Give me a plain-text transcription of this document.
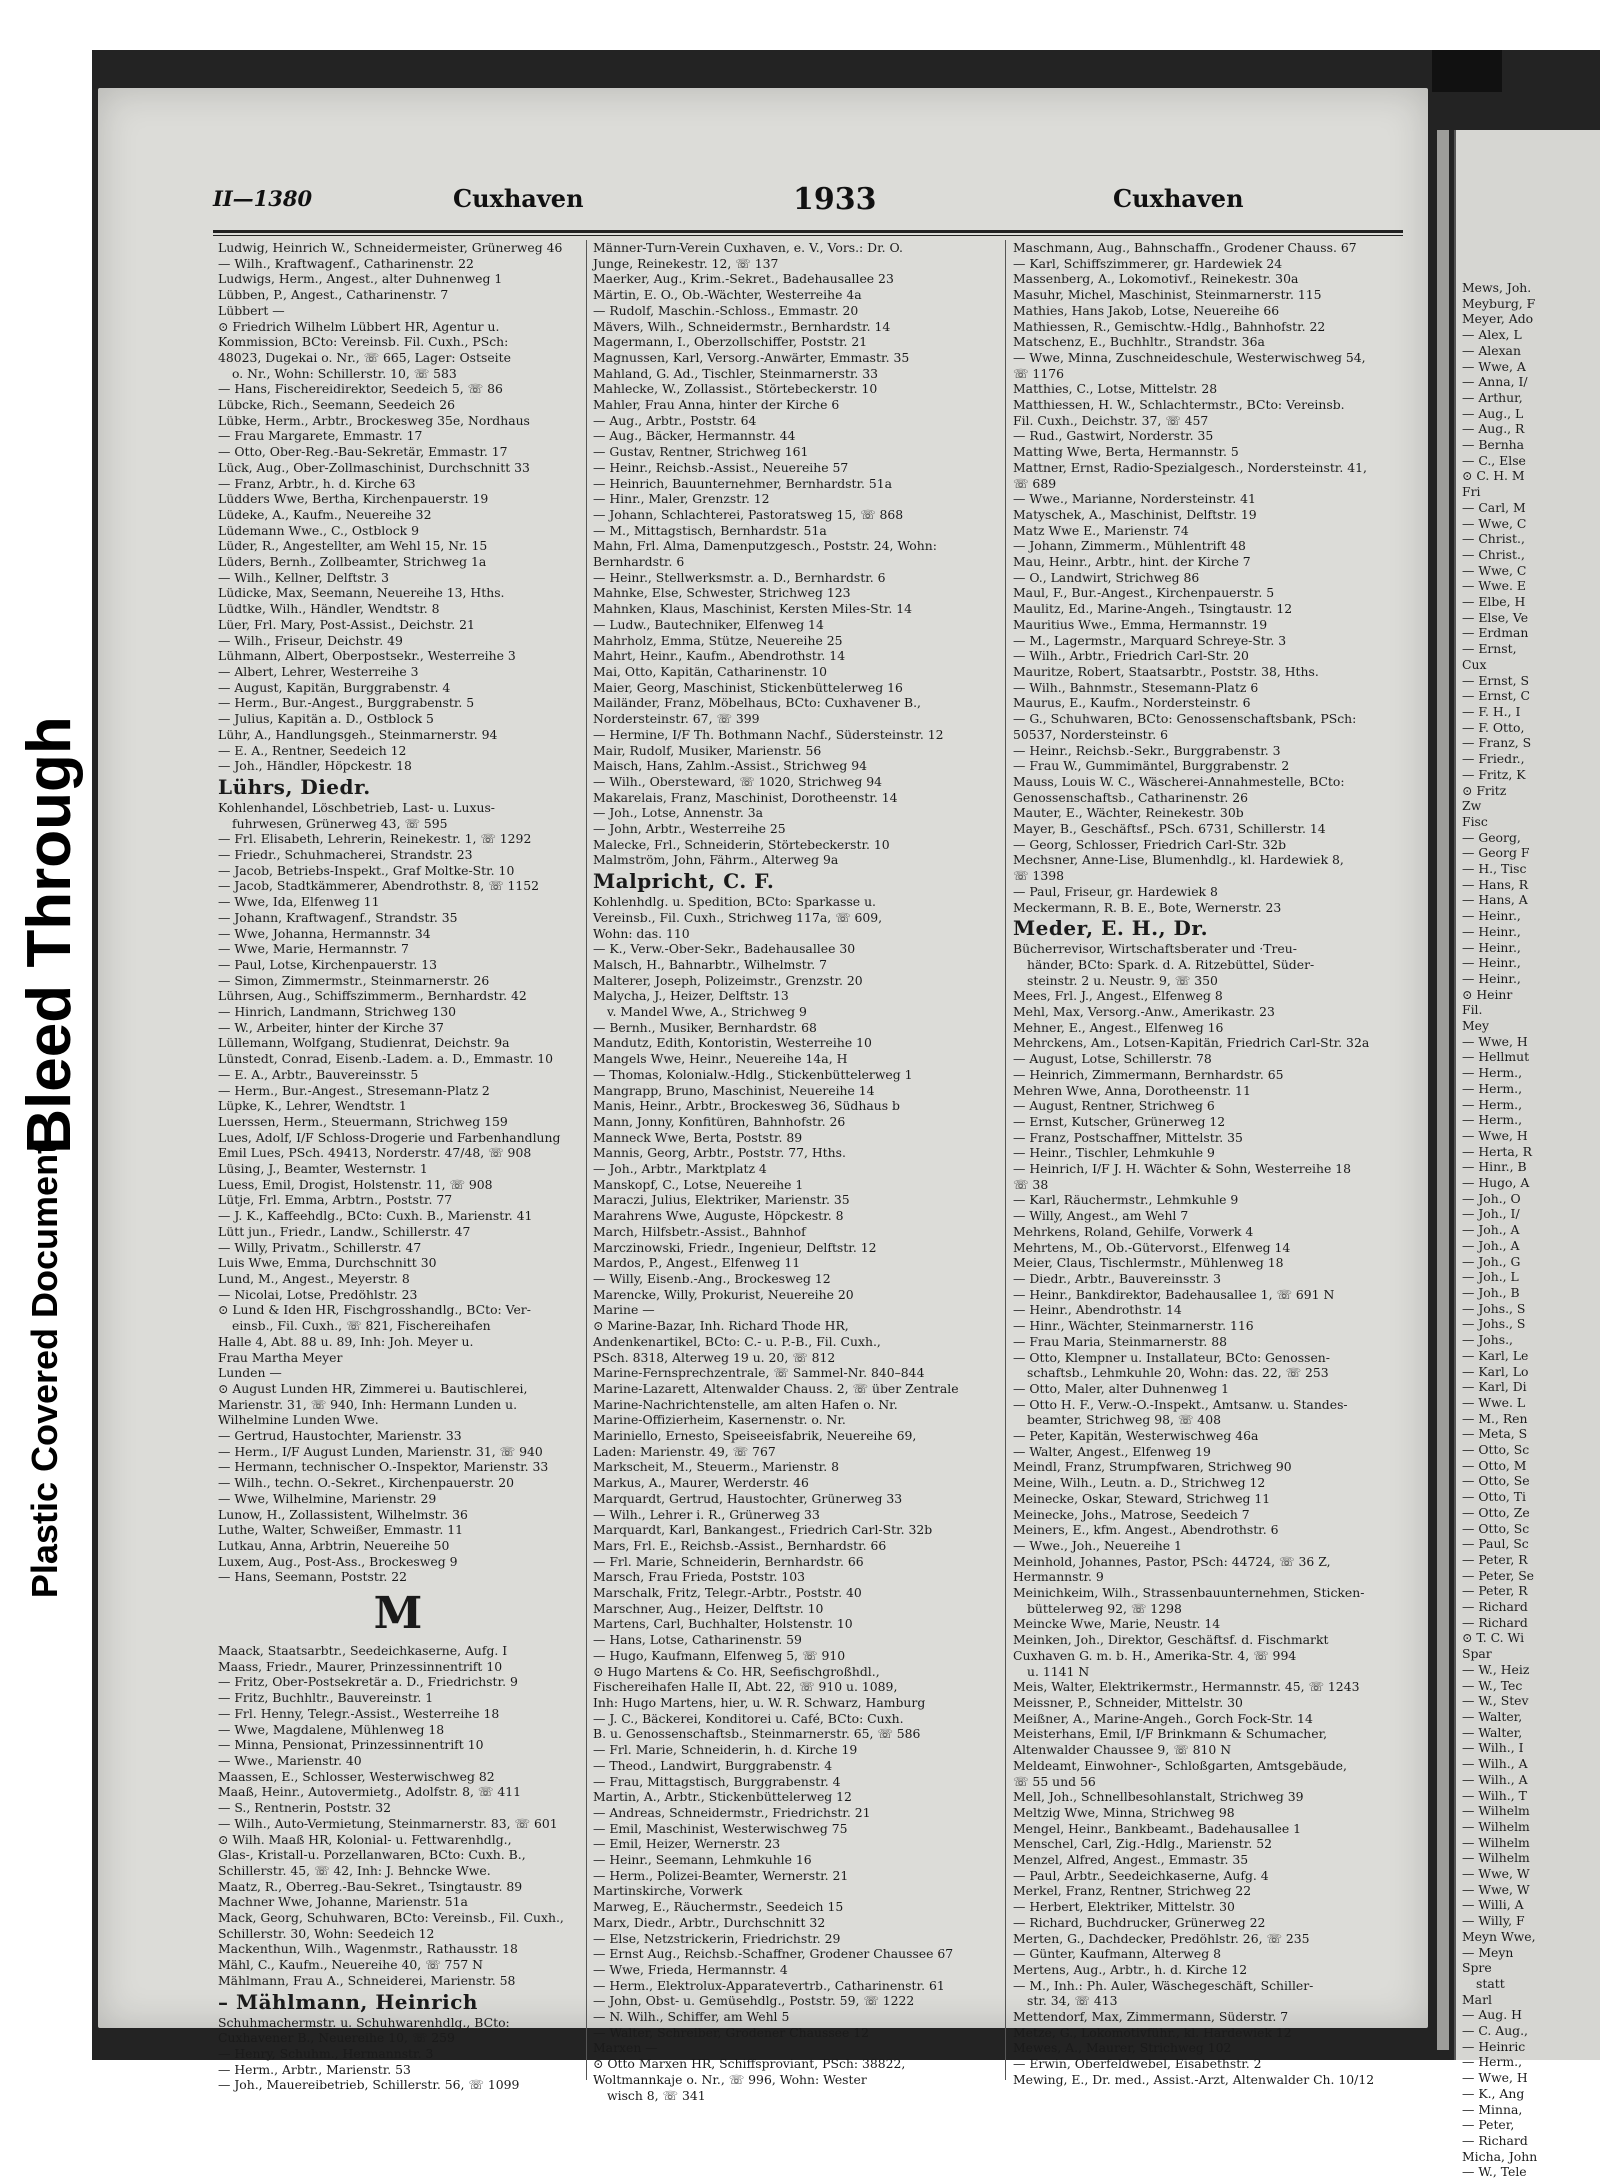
Bleed Through
Plastic Covered Document
II—1380	Cuxhaven	1933	Cuxhaven
Ludwig, Heinrich W., Schneidermeister, Grünerweg 46
— Wilh., Kraftwagenf., Catharinenstr. 22
Ludwigs, Herm., Angest., alter Duhnenweg 1
Lübben, P., Angest., Catharinenstr. 7
Lübbert —
⊙ Friedrich Wilhelm Lübbert HR, Agentur u.
Kommission, BCto: Vereinsb. Fil. Cuxh., PSch:
48023, Dugekai o. Nr., ☏ 665, Lager: Ostseite
o. Nr., Wohn: Schillerstr. 10, ☏ 583
— Hans, Fischereidirektor, Seedeich 5, ☏ 86
Lübcke, Rich., Seemann, Seedeich 26
Lübke, Herm., Arbtr., Brockesweg 35e, Nordhaus
— Frau Margarete, Emmastr. 17
— Otto, Ober-Reg.-Bau-Sekretär, Emmastr. 17
Lück, Aug., Ober-Zollmaschinist, Durchschnitt 33
— Franz, Arbtr., h. d. Kirche 63
Lüdders Wwe, Bertha, Kirchenpauerstr. 19
Lüdeke, A., Kaufm., Neuereihe 32
Lüdemann Wwe., C., Ostblock 9
Lüder, R., Angestellter, am Wehl 15, Nr. 15
Lüders, Bernh., Zollbeamter, Strichweg 1a
— Wilh., Kellner, Delftstr. 3
Lüdicke, Max, Seemann, Neuereihe 13, Hths.
Lüdtke, Wilh., Händler, Wendtstr. 8
Lüer, Frl. Mary, Post-Assist., Deichstr. 21
— Wilh., Friseur, Deichstr. 49
Lühmann, Albert, Oberpostsekr., Westerreihe 3
— Albert, Lehrer, Westerreihe 3
— August, Kapitän, Burggrabenstr. 4
— Herm., Bur.-Angest., Burggrabenstr. 5
— Julius, Kapitän a. D., Ostblock 5
Lühr, A., Handlungsgeh., Steinmarnerstr. 94
— E. A., Rentner, Seedeich 12
— Joh., Händler, Höpckestr. 18
Lührs, Diedr.
Kohlenhandel, Löschbetrieb, Last- u. Luxus-
fuhrwesen, Grünerweg 43, ☏ 595
— Frl. Elisabeth, Lehrerin, Reinekestr. 1, ☏ 1292
— Friedr., Schuhmacherei, Strandstr. 23
— Jacob, Betriebs-Inspekt., Graf Moltke-Str. 10
— Jacob, Stadtkämmerer, Abendrothstr. 8, ☏ 1152
— Wwe, Ida, Elfenweg 11
— Johann, Kraftwagenf., Strandstr. 35
— Wwe, Johanna, Hermannstr. 34
— Wwe, Marie, Hermannstr. 7
— Paul, Lotse, Kirchenpauerstr. 13
— Simon, Zimmermstr., Steinmarnerstr. 26
Lührsen, Aug., Schiffszimmerm., Bernhardstr. 42
— Hinrich, Landmann, Strichweg 130
— W., Arbeiter, hinter der Kirche 37
Lüllemann, Wolfgang, Studienrat, Deichstr. 9a
Lünstedt, Conrad, Eisenb.-Ladem. a. D., Emmastr. 10
— E. A., Arbtr., Bauvereinsstr. 5
— Herm., Bur.-Angest., Stresemann-Platz 2
Lüpke, K., Lehrer, Wendtstr. 1
Luerssen, Herm., Steuermann, Strichweg 159
Lues, Adolf, I/F Schloss-Drogerie und Farbenhandlung
Emil Lues, PSch. 49413, Norderstr. 47/48, ☏ 908
Lüsing, J., Beamter, Westernstr. 1
Luess, Emil, Drogist, Holstenstr. 11, ☏ 908
Lütje, Frl. Emma, Arbtrn., Poststr. 77
— J. K., Kaffeehdlg., BCto: Cuxh. B., Marienstr. 41
Lütt jun., Friedr., Landw., Schillerstr. 47
— Willy, Privatm., Schillerstr. 47
Luis Wwe, Emma, Durchschnitt 30
Lund, M., Angest., Meyerstr. 8
— Nicolai, Lotse, Predöhlstr. 23
⊙ Lund & Iden HR, Fischgrosshandlg., BCto: Ver-
einsb., Fil. Cuxh., ☏ 821, Fischereihafen
Halle 4, Abt. 88 u. 89, Inh: Joh. Meyer u.
Frau Martha Meyer
Lunden —
⊙ August Lunden HR, Zimmerei u. Bautischlerei,
Marienstr. 31, ☏ 940, Inh: Hermann Lunden u.
Wilhelmine Lunden Wwe.
— Gertrud, Haustochter, Marienstr. 33
— Herm., I/F August Lunden, Marienstr. 31, ☏ 940
— Hermann, technischer O.-Inspektor, Marienstr. 33
— Wilh., techn. O.-Sekret., Kirchenpauerstr. 20
— Wwe, Wilhelmine, Marienstr. 29
Lunow, H., Zollassistent, Wilhelmstr. 36
Luthe, Walter, Schweißer, Emmastr. 11
Lutkau, Anna, Arbtrin, Neuereihe 50
Luxem, Aug., Post-Ass., Brockesweg 9
— Hans, Seemann, Poststr. 22
M
Maack, Staatsarbtr., Seedeichkaserne, Aufg. I
Maass, Friedr., Maurer, Prinzessinnentrift 10
— Fritz, Ober-Postsekretär a. D., Friedrichstr. 9
— Fritz, Buchhltr., Bauvereinstr. 1
— Frl. Henny, Telegr.-Assist., Westerreihe 18
— Wwe, Magdalene, Mühlenweg 18
— Minna, Pensionat, Prinzessinnentrift 10
— Wwe., Marienstr. 40
Maassen, E., Schlosser, Westerwischweg 82
Maaß, Heinr., Autovermietg., Adolfstr. 8, ☏ 411
— S., Rentnerin, Poststr. 32
— Wilh., Auto-Vermietung, Steinmarnerstr. 83, ☏ 601
⊙ Wilh. Maaß HR, Kolonial- u. Fettwarenhdlg.,
Glas-, Kristall-u. Porzellanwaren, BCto: Cuxh. B.,
Schillerstr. 45, ☏ 42, Inh: J. Behncke Wwe.
Maatz, R., Oberreg.-Bau-Sekret., Tsingtaustr. 89
Machner Wwe, Johanne, Marienstr. 51a
Mack, Georg, Schuhwaren, BCto: Vereinsb., Fil. Cuxh.,
Schillerstr. 30, Wohn: Seedeich 12
Mackenthun, Wilh., Wagenmstr., Rathausstr. 18
Mähl, C., Kaufm., Neuereihe 40, ☏ 757 N
Mählmann, Frau A., Schneiderei, Marienstr. 58
– Mählmann, Heinrich
Schuhmachermstr. u. Schuhwarenhdlg., BCto:
Cuxhavener B., Neuereihe 10, ☏ 259
— Henry, Schuhm., Hermannstr. 3
— Herm., Arbtr., Marienstr. 53
— Joh., Mauereibetrieb, Schillerstr. 56, ☏ 1099
Männer-Turn-Verein Cuxhaven, e. V., Vors.: Dr. O.
Junge, Reinekestr. 12, ☏ 137
Maerker, Aug., Krim.-Sekret., Badehausallee 23
Märtin, E. O., Ob.-Wächter, Westerreihe 4a
— Rudolf, Maschin.-Schloss., Emmastr. 20
Mävers, Wilh., Schneidermstr., Bernhardstr. 14
Magermann, I., Oberzollschiffer, Poststr. 21
Magnussen, Karl, Versorg.-Anwärter, Emmastr. 35
Mahland, G. Ad., Tischler, Steinmarnerstr. 33
Mahlecke, W., Zollassist., Störtebeckerstr. 10
Mahler, Frau Anna, hinter der Kirche 6
— Aug., Arbtr., Poststr. 64
— Aug., Bäcker, Hermannstr. 44
— Gustav, Rentner, Strichweg 161
— Heinr., Reichsb.-Assist., Neuereihe 57
— Heinrich, Bauunternehmer, Bernhardstr. 51a
— Hinr., Maler, Grenzstr. 12
— Johann, Schlachterei, Pastoratsweg 15, ☏ 868
— M., Mittagstisch, Bernhardstr. 51a
Mahn, Frl. Alma, Damenputzgesch., Poststr. 24, Wohn:
Bernhardstr. 6
— Heinr., Stellwerksmstr. a. D., Bernhardstr. 6
Mahnke, Else, Schwester, Strichweg 123
Mahnken, Klaus, Maschinist, Kersten Miles-Str. 14
— Ludw., Bautechniker, Elfenweg 14
Mahrholz, Emma, Stütze, Neuereihe 25
Mahrt, Heinr., Kaufm., Abendrothstr. 14
Mai, Otto, Kapitän, Catharinenstr. 10
Maier, Georg, Maschinist, Stickenbüttelerweg 16
Mailänder, Franz, Möbelhaus, BCto: Cuxhavener B.,
Nordersteinstr. 67, ☏ 399
— Hermine, I/F Th. Bothmann Nachf., Südersteinstr. 12
Mair, Rudolf, Musiker, Marienstr. 56
Maisch, Hans, Zahlm.-Assist., Strichweg 94
— Wilh., Obersteward, ☏ 1020, Strichweg 94
Makarelais, Franz, Maschinist, Dorotheenstr. 14
— Joh., Lotse, Annenstr. 3a
— John, Arbtr., Westerreihe 25
Malecke, Frl., Schneiderin, Störtebeckerstr. 10
Malmström, John, Fährm., Alterweg 9a
Malpricht, C. F.
Kohlenhdlg. u. Spedition, BCto: Sparkasse u.
Vereinsb., Fil. Cuxh., Strichweg 117a, ☏ 609,
Wohn: das. 110
— K., Verw.-Ober-Sekr., Badehausallee 30
Malsch, H., Bahnarbtr., Wilhelmstr. 7
Malterer, Joseph, Polizeimstr., Grenzstr. 20
Malycha, J., Heizer, Delftstr. 13
v. Mandel Wwe, A., Strichweg 9
— Bernh., Musiker, Bernhardstr. 68
Mandutz, Edith, Kontoristin, Westerreihe 10
Mangels Wwe, Heinr., Neuereihe 14a, H
— Thomas, Kolonialw.-Hdlg., Stickenbüttelerweg 1
Mangrapp, Bruno, Maschinist, Neuereihe 14
Manis, Heinr., Arbtr., Brockesweg 36, Südhaus b
Mann, Jonny, Konfitüren, Bahnhofstr. 26
Manneck Wwe, Berta, Poststr. 89
Mannis, Georg, Arbtr., Poststr. 77, Hths.
— Joh., Arbtr., Marktplatz 4
Manskopf, C., Lotse, Neuereihe 1
Maraczi, Julius, Elektriker, Marienstr. 35
Marahrens Wwe, Auguste, Höpckestr. 8
March, Hilfsbetr.-Assist., Bahnhof
Marczinowski, Friedr., Ingenieur, Delftstr. 12
Mardos, P., Angest., Elfenweg 11
— Willy, Eisenb.-Ang., Brockesweg 12
Marencke, Willy, Prokurist, Neuereihe 20
Marine —
⊙ Marine-Bazar, Inh. Richard Thode HR,
Andenkenartikel, BCto: C.- u. P.-B., Fil. Cuxh.,
PSch. 8318, Alterweg 19 u. 20, ☏ 812
Marine-Fernsprechzentrale, ☏ Sammel-Nr. 840–844
Marine-Lazarett, Altenwalder Chauss. 2, ☏ über Zentrale
Marine-Nachrichtenstelle, am alten Hafen o. Nr.
Marine-Offizierheim, Kasernenstr. o. Nr.
Mariniello, Ernesto, Speiseeisfabrik, Neuereihe 69,
Laden: Marienstr. 49, ☏ 767
Markscheit, M., Steuerm., Marienstr. 8
Markus, A., Maurer, Werderstr. 46
Marquardt, Gertrud, Haustochter, Grünerweg 33
— Wilh., Lehrer i. R., Grünerweg 33
Marquardt, Karl, Bankangest., Friedrich Carl-Str. 32b
Mars, Frl. E., Reichsb.-Assist., Bernhardstr. 66
— Frl. Marie, Schneiderin, Bernhardstr. 66
Marsch, Frau Frieda, Poststr. 103
Marschalk, Fritz, Telegr.-Arbtr., Poststr. 40
Marschner, Aug., Heizer, Delftstr. 10
Martens, Carl, Buchhalter, Holstenstr. 10
— Hans, Lotse, Catharinenstr. 59
— Hugo, Kaufmann, Elfenweg 5, ☏ 910
⊙ Hugo Martens & Co. HR, Seefischgroßhdl.,
Fischereihafen Halle II, Abt. 22, ☏ 910 u. 1089,
Inh: Hugo Martens, hier, u. W. R. Schwarz, Hamburg
— J. C., Bäckerei, Konditorei u. Café, BCto: Cuxh.
B. u. Genossenschaftsb., Steinmarnerstr. 65, ☏ 586
— Frl. Marie, Schneiderin, h. d. Kirche 19
— Theod., Landwirt, Burggrabenstr. 4
— Frau, Mittagstisch, Burggrabenstr. 4
Martin, A., Arbtr., Stickenbüttelerweg 12
— Andreas, Schneidermstr., Friedrichstr. 21
— Emil, Maschinist, Westerwischweg 75
— Emil, Heizer, Wernerstr. 23
— Heinr., Seemann, Lehmkuhle 16
— Herm., Polizei-Beamter, Wernerstr. 21
Martinskirche, Vorwerk
Marweg, E., Räuchermstr., Seedeich 15
Marx, Diedr., Arbtr., Durchschnitt 32
— Else, Netzstrickerin, Friedrichstr. 29
— Ernst Aug., Reichsb.-Schaffner, Grodener Chaussee 67
— Wwe, Frieda, Hermannstr. 4
— Herm., Elektrolux-Apparatevertrb., Catharinenstr. 61
— John, Obst- u. Gemüsehdlg., Poststr. 59, ☏ 1222
— N. Wilh., Schiffer, am Wehl 5
— Walter, Schreiber, Grodener Chaussee 12
Marxen —
⊙ Otto Marxen HR, Schiffsproviant, PSch: 38822,
Woltmannkaje o. Nr., ☏ 996, Wohn: Wester
wisch 8, ☏ 341
Maschmann, Aug., Bahnschaffn., Grodener Chauss. 67
— Karl, Schiffszimmerer, gr. Hardewiek 24
Massenberg, A., Lokomotivf., Reinekestr. 30a
Masuhr, Michel, Maschinist, Steinmarnerstr. 115
Mathies, Hans Jakob, Lotse, Neuereihe 66
Mathiessen, R., Gemischtw.-Hdlg., Bahnhofstr. 22
Matschenz, E., Buchhltr., Strandstr. 36a
— Wwe, Minna, Zuschneideschule, Westerwischweg 54,
☏ 1176
Matthies, C., Lotse, Mittelstr. 28
Matthiessen, H. W., Schlachtermstr., BCto: Vereinsb.
Fil. Cuxh., Deichstr. 37, ☏ 457
— Rud., Gastwirt, Norderstr. 35
Matting Wwe, Berta, Hermannstr. 5
Mattner, Ernst, Radio-Spezialgesch., Nordersteinstr. 41,
☏ 689
— Wwe., Marianne, Nordersteinstr. 41
Matyschek, A., Maschinist, Delftstr. 19
Matz Wwe E., Marienstr. 74
— Johann, Zimmerm., Mühlentrift 48
Mau, Heinr., Arbtr., hint. der Kirche 7
— O., Landwirt, Strichweg 86
Maul, F., Bur.-Angest., Kirchenpauerstr. 5
Maulitz, Ed., Marine-Angeh., Tsingtaustr. 12
Mauritius Wwe., Emma, Hermannstr. 19
— M., Lagermstr., Marquard Schreye-Str. 3
— Wilh., Arbtr., Friedrich Carl-Str. 20
Mauritze, Robert, Staatsarbtr., Poststr. 38, Hths.
— Wilh., Bahnmstr., Stesemann-Platz 6
Maurus, E., Kaufm., Nordersteinstr. 6
— G., Schuhwaren, BCto: Genossenschaftsbank, PSch:
50537, Nordersteinstr. 6
— Heinr., Reichsb.-Sekr., Burggrabenstr. 3
— Frau W., Gummimäntel, Burggrabenstr. 2
Mauss, Louis W. C., Wäscherei-Annahmestelle, BCto:
Genossenschaftsb., Catharinenstr. 26
Mauter, E., Wächter, Reinekestr. 30b
Mayer, B., Geschäftsf., PSch. 6731, Schillerstr. 14
— Georg, Schlosser, Friedrich Carl-Str. 32b
Mechsner, Anne-Lise, Blumenhdlg., kl. Hardewiek 8,
☏ 1398
— Paul, Friseur, gr. Hardewiek 8
Meckermann, R. B. E., Bote, Wernerstr. 23
Meder, E. H., Dr.
Bücherrevisor, Wirtschaftsberater und ·Treu-
händer, BCto: Spark. d. A. Ritzebüttel, Süder-
steinstr. 2 u. Neustr. 9, ☏ 350
Mees, Frl. J., Angest., Elfenweg 8
Mehl, Max, Versorg.-Anw., Amerikastr. 23
Mehner, E., Angest., Elfenweg 16
Mehrckens, Am., Lotsen-Kapitän, Friedrich Carl-Str. 32a
— August, Lotse, Schillerstr. 78
— Heinrich, Zimmermann, Bernhardstr. 65
Mehren Wwe, Anna, Dorotheenstr. 11
— August, Rentner, Strichweg 6
— Ernst, Kutscher, Grünerweg 12
— Franz, Postschaffner, Mittelstr. 35
— Heinr., Tischler, Lehmkuhle 9
— Heinrich, I/F J. H. Wächter & Sohn, Westerreihe 18
☏ 38
— Karl, Räuchermstr., Lehmkuhle 9
— Willy, Angest., am Wehl 7
Mehrkens, Roland, Gehilfe, Vorwerk 4
Mehrtens, M., Ob.-Gütervorst., Elfenweg 14
Meier, Claus, Tischlermstr., Mühlenweg 18
— Diedr., Arbtr., Bauvereinsstr. 3
— Heinr., Bankdirektor, Badehausallee 1, ☏ 691 N
— Heinr., Abendrothstr. 14
— Hinr., Wächter, Steinmarnerstr. 116
— Frau Maria, Steinmarnerstr. 88
— Otto, Klempner u. Installateur, BCto: Genossen-
schaftsb., Lehmkuhle 20, Wohn: das. 22, ☏ 253
— Otto, Maler, alter Duhnenweg 1
— Otto H. F., Verw.-O.-Inspekt., Amtsanw. u. Standes-
beamter, Strichweg 98, ☏ 408
— Peter, Kapitän, Westerwischweg 46a
— Walter, Angest., Elfenweg 19
Meindl, Franz, Strumpfwaren, Strichweg 90
Meine, Wilh., Leutn. a. D., Strichweg 12
Meinecke, Oskar, Steward, Strichweg 11
Meinecke, Johs., Matrose, Seedeich 7
Meiners, E., kfm. Angest., Abendrothstr. 6
— Wwe., Joh., Neuereihe 1
Meinhold, Johannes, Pastor, PSch: 44724, ☏ 36 Z,
Hermannstr. 9
Meinichkeim, Wilh., Strassenbauunternehmen, Sticken-
büttelerweg 92, ☏ 1298
Meincke Wwe, Marie, Neustr. 14
Meinken, Joh., Direktor, Geschäftsf. d. Fischmarkt
Cuxhaven G. m. b. H., Amerika-Str. 4, ☏ 994
u. 1141 N
Meis, Walter, Elektrikermstr., Hermannstr. 45, ☏ 1243
Meissner, P., Schneider, Mittelstr. 30
Meißner, A., Marine-Angeh., Gorch Fock-Str. 14
Meisterhans, Emil, I/F Brinkmann & Schumacher,
Altenwalder Chaussee 9, ☏ 810 N
Meldeamt, Einwohner-, Schloßgarten, Amtsgebäude,
☏ 55 und 56
Mell, Joh., Schnellbesohlanstalt, Strichweg 39
Meltzig Wwe, Minna, Strichweg 98
Mengel, Heinr., Bankbeamt., Badehausallee 1
Menschel, Carl, Zig.-Hdlg., Marienstr. 52
Menzel, Alfred, Angest., Emmastr. 35
— Paul, Arbtr., Seedeichkaserne, Aufg. 4
Merkel, Franz, Rentner, Strichweg 22
— Herbert, Elektriker, Mittelstr. 30
— Richard, Buchdrucker, Grünerweg 22
Merten, G., Dachdecker, Predöhlstr. 26, ☏ 235
— Günter, Kaufmann, Alterweg 8
Mertens, Aug., Arbtr., h. d. Kirche 12
— M., Inh.: Ph. Auler, Wäschegeschäft, Schiller-
str. 34, ☏ 413
Mettendorf, Max, Zimmermann, Süderstr. 7
Metze, G., Lokomotivführ., kl. Hardewiek 12
Mewes, A., Maurer, Strichweg 102
— Erwin, Oberfeldwebel, Eisabethstr. 2
Mewing, E., Dr. med., Assist.-Arzt, Altenwalder Ch. 10/12
Mews, Joh.
Meyburg, F
Meyer, Ado
— Alex, L
— Alexan
— Wwe, A
— Anna, I/
— Arthur,
— Aug., L
— Aug., R
— Bernha
— C., Else
⊙ C. H. M
Fri
— Carl, M
— Wwe, C
— Christ.,
— Christ.,
— Wwe, C
— Wwe. E
— Elbe, H
— Else, Ve
— Erdman
— Ernst,
Cux
— Ernst, S
— Ernst, C
— F. H., I
— F. Otto,
— Franz, S
— Friedr.,
— Fritz, K
⊙ Fritz
Zw
Fisc
— Georg,
— Georg F
— H., Tisc
— Hans, R
— Hans, A
— Heinr.,
— Heinr.,
— Heinr.,
— Heinr.,
— Heinr.,
⊙ Heinr
Fil.
Mey
— Wwe, H
— Hellmut
— Herm.,
— Herm.,
— Herm.,
— Herm.,
— Wwe, H
— Herta, R
— Hinr., B
— Hugo, A
— Joh., O
— Joh., I/
— Joh., A
— Joh., A
— Joh., G
— Joh., L
— Joh., B
— Johs., S
— Johs., S
— Johs.,
— Karl, Le
— Karl, Lo
— Karl, Di
— Wwe. L
— M., Ren
— Meta, S
— Otto, Sc
— Otto, M
— Otto, Se
— Otto, Ti
— Otto, Ze
— Otto, Sc
— Paul, Sc
— Peter, R
— Peter, Se
— Peter, R
— Richard
— Richard
⊙ T. C. Wi
Spar
— W., Heiz
— W., Tec
— W., Stev
— Walter,
— Walter,
— Wilh., I
— Wilh., A
— Wilh., A
— Wilh., T
— Wilhelm
— Wilhelm
— Wilhelm
— Wilhelm
— Wwe, W
— Wwe, W
— Willi, A
— Willy, F
Meyn Wwe,
— Meyn
Spre
statt
Marl
— Aug. H
— C. Aug.,
— Heinric
— Herm.,
— Wwe, H
— K., Ang
— Minna,
— Peter,
— Richard
Micha, John
— W., Tele
